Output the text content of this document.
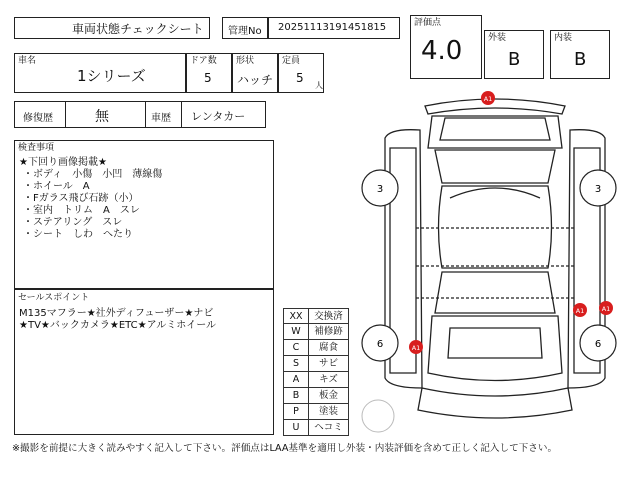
車両状態チェックシート 管理No 20251113191451815	評価点
4.0	外装
B
内装
B
車名
1シリーズ
ドア数
5
形状
ハッチ
定員
5
人
修復歴	無	車歴 レンタカー
検査事項
★下回り画像掲載★
・ボディ　小傷　小凹　薄線傷
・ホイール　A
・Fガラス飛び石跡（小）
・室内　トリム　A　スレ
・ステアリング　スレ
・シート　しわ　へたり
セールスポイント
M135マフラー★社外ディフューザー★ナビ
★TV★バックカメラ★ETC★アルミホイール
XX	交換済
W	補修跡
C	腐食
S	サビ
A	キズ
B	板金
P	塗装
U	ヘコミ
3	3
6	6
A1
A1	A1
A1
※撮影を前提に大きく読みやすく記入して下さい。評価点はLAA基準を適用し外装・内装評価を含めて正しく記入して下さい。
